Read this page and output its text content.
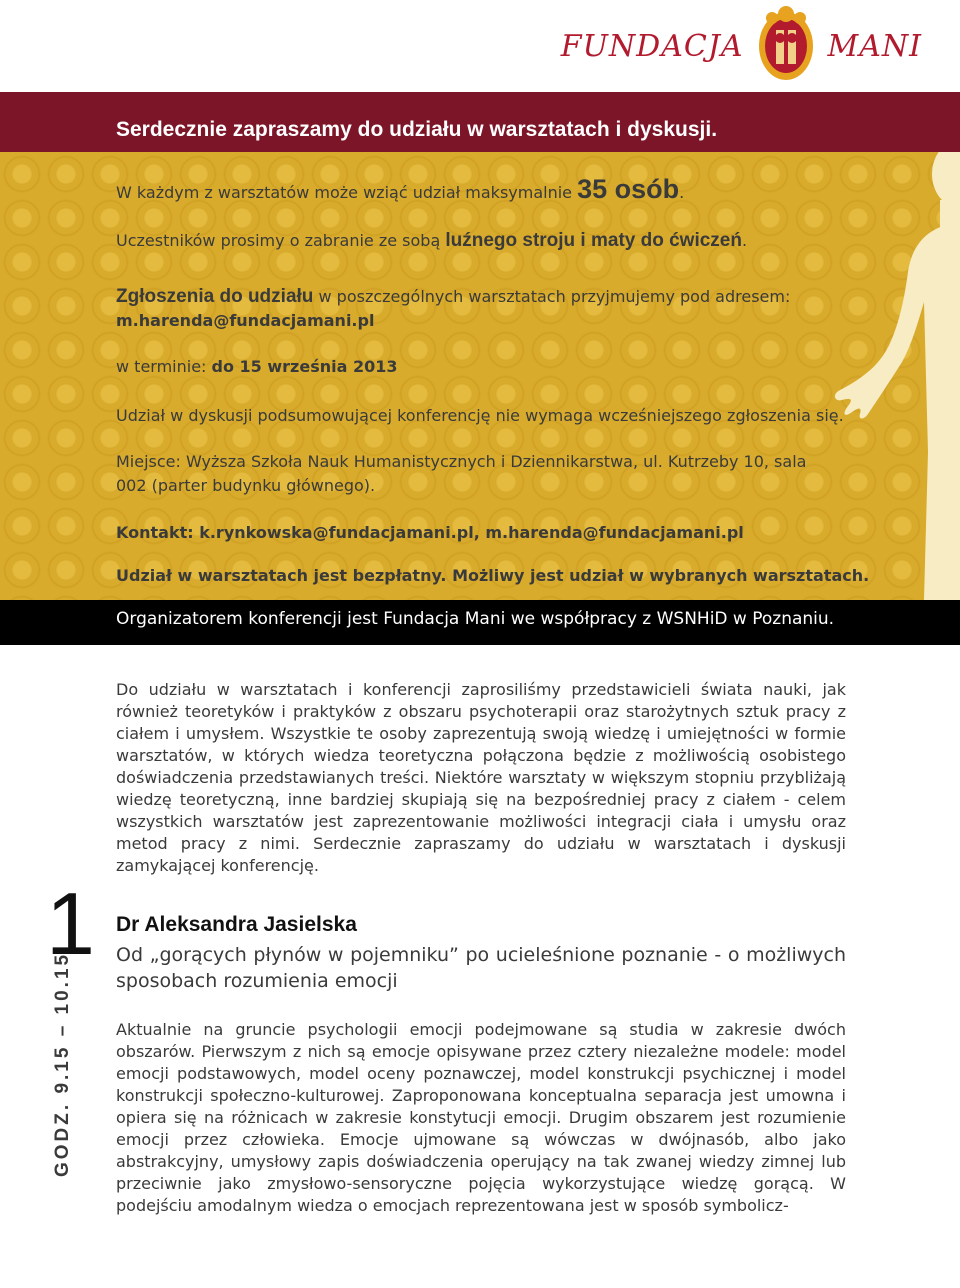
FUNDACJA	MANI
Serdecznie zapraszamy do udziału w warsztatach i dyskusji.
W każdym z warsztatów może wziąć udział maksymalnie 35 osób.
Uczestników prosimy o zabranie ze sobą luźnego stroju i maty do ćwiczeń.
Zgłoszenia do udziału w poszczególnych warsztatach przyjmujemy pod adresem:
m.harenda@fundacjamani.pl
w terminie: do 15 września 2013
Udział w dyskusji podsumowującej konferencję nie wymaga wcześniejszego zgłoszenia się.
Miejsce: Wyższa Szkoła Nauk Humanistycznych i Dziennikarstwa, ul. Kutrzeby 10, sala
002 (parter budynku głównego).
Kontakt: k.rynkowska@fundacjamani.pl, m.harenda@fundacjamani.pl
Udział w warsztatach jest bezpłatny. Możliwy jest udział w wybranych warsztatach.
Organizatorem konferencji jest Fundacja Mani we współpracy z WSNHiD w Poznaniu.

Do udziału w warsztatach i konferencji zaprosiliśmy przedstawicieli świata nauki, jak również teoretyków i praktyków z obszaru psychoterapii oraz starożytnych sztuk pracy z ciałem i umysłem. Wszystkie te osoby zaprezentują swoją wiedzę i umiejętności w formie warsztatów, w których wiedza teoretyczna połączona będzie z możliwością osobistego doświadczenia przedstawianych treści. Niektóre warsztaty w większym stopniu przybliżają wiedzę teoretyczną, inne bardziej skupiają się na bezpośredniej pracy z ciałem - celem wszystkich warsztatów jest zaprezentowanie możliwości integracji ciała i umysłu oraz metod pracy z nimi. Serdecznie zapraszamy do udziału w warsztatach i dyskusji zamykającej konferencję.

1
GODZ. 9.15 – 10.15
Dr Aleksandra Jasielska

Od „gorących płynów w pojemniku” po ucieleśnione poznanie - o możliwych sposobach rozumienia emocji

Aktualnie na gruncie psychologii emocji podejmowane są studia w zakresie dwóch obszarów. Pierwszym z nich są emocje opisywane przez cztery niezależne modele: model emocji podstawowych, model oceny poznawczej, model konstrukcji psychicznej i model konstrukcji społeczno-kulturowej. Zaproponowana konceptualna separacja jest umowna i opiera się na różnicach w zakresie konstytucji emocji. Drugim obszarem jest rozumienie emocji przez człowieka. Emocje ujmowane są wówczas w dwójnasób, albo jako abstrakcyjny, umysłowy zapis doświadczenia operujący na tak zwanej wiedzy zimnej lub przeciwnie jako zmysłowo-sensoryczne pojęcia wykorzystujące wiedzę gorącą. W podejściu amodalnym wiedza o emocjach reprezentowana jest w sposób symbolicz-
